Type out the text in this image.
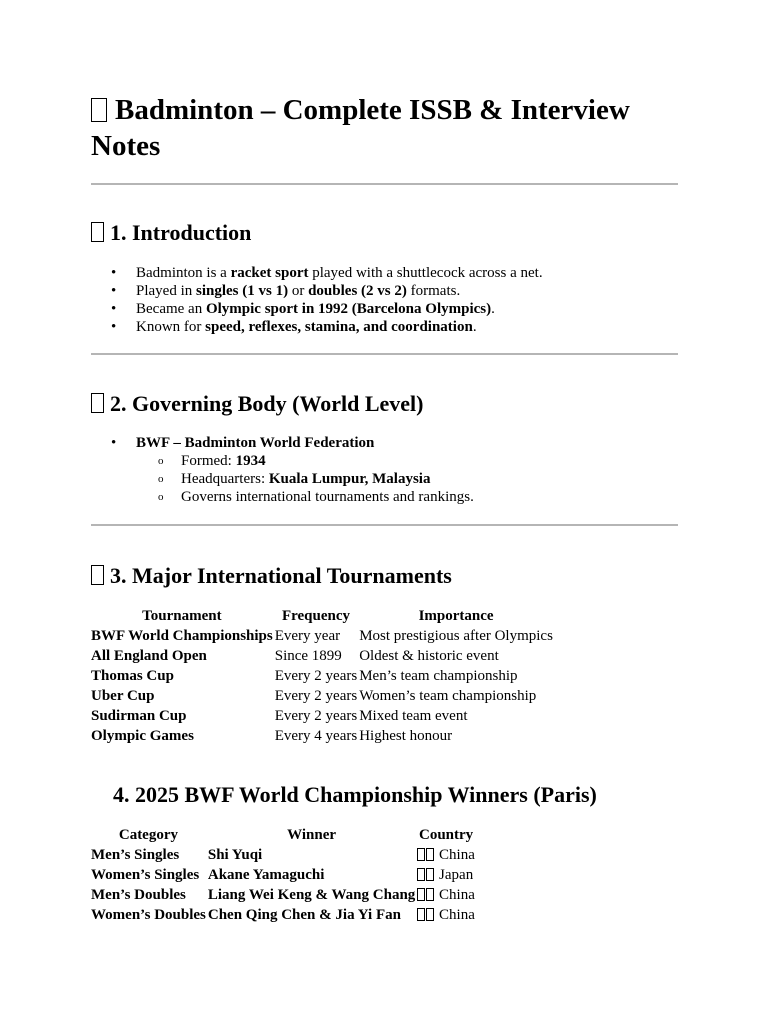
Badminton – Complete ISSB & Interview Notes
1. Introduction
• Badminton is a racket sport played with a shuttlecock across a net.
• Played in singles (1 vs 1) or doubles (2 vs 2) formats.
• Became an Olympic sport in 1992 (Barcelona Olympics).
• Known for speed, reflexes, stamina, and coordination.
2. Governing Body (World Level)
• BWF – Badminton World Federation
o Formed: 1934
o Headquarters: Kuala Lumpur, Malaysia
o Governs international tournaments and rankings.
3. Major International Tournaments
Tournament	Frequency	Importance
BWF World Championships	Every year	Most prestigious after Olympics
All England Open	Since 1899	Oldest & historic event
Thomas Cup	Every 2 years	Men’s team championship
Uber Cup	Every 2 years	Women’s team championship
Sudirman Cup	Every 2 years	Mixed team event
Olympic Games	Every 4 years	Highest honour
4. 2025 BWF World Championship Winners (Paris)
Category	Winner	Country
Men’s Singles	Shi Yuqi	China
Women’s Singles	Akane Yamaguchi	Japan
Men’s Doubles	Liang Wei Keng & Wang Chang	China
Women’s Doubles	Chen Qing Chen & Jia Yi Fan	China
